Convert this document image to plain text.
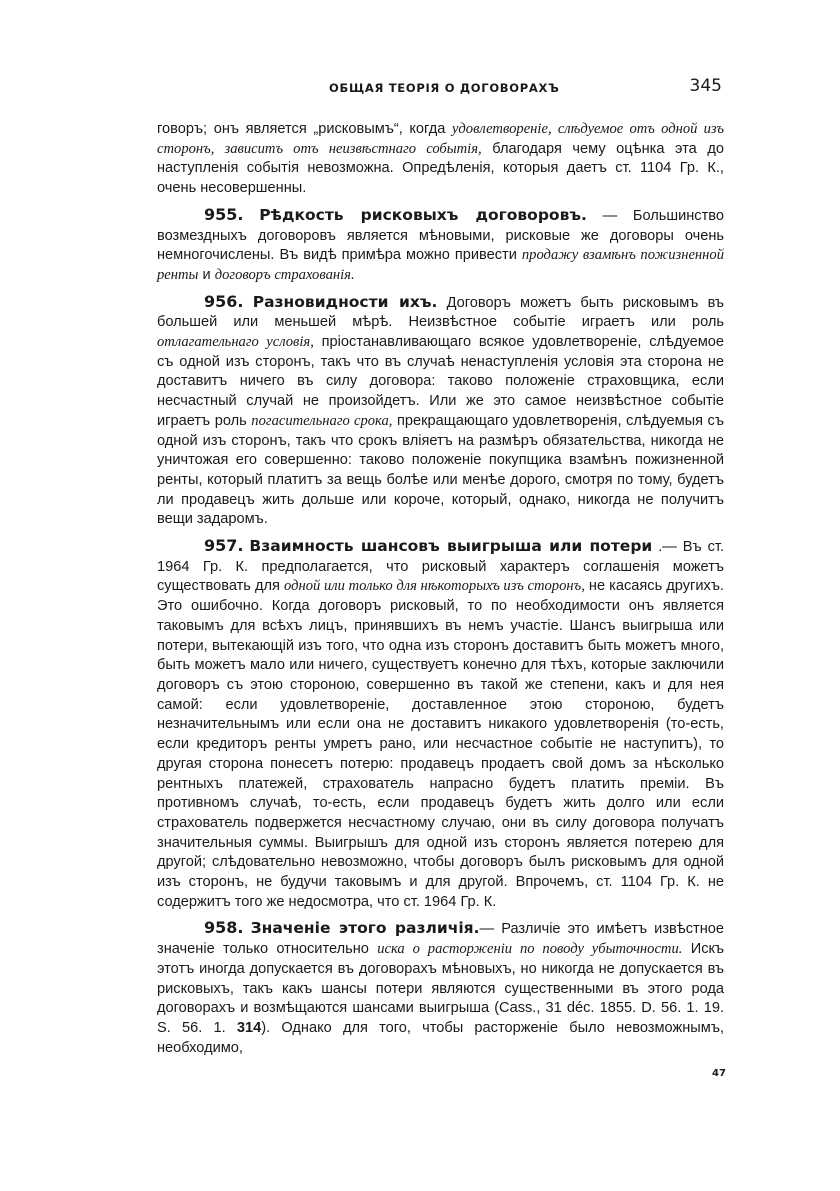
ОБЩАЯ ТЕОРІЯ О ДОГОВОРАХЪ	345

говоръ; онъ является „рисковымъ“, когда удовлетвореніе, слѣдуемое отъ одной изъ сторонъ, зависитъ отъ неизвѣстнаго событія, благодаря чему оцѣнка эта до наступленія событія невозможна. Опредѣленія, которыя даетъ ст. 1104 Гр. К., очень несовершенны.

955. Рѣдкость рисковыхъ договоровъ. — Большинство возмездныхъ договоровъ является мѣновыми, рисковые же договоры очень немногочислены. Въ видѣ примѣра можно привести продажу взамѣнъ пожизненной ренты и договоръ страхованія.

956. Разновидности ихъ. Договоръ можетъ быть рисковымъ въ большей или меньшей мѣрѣ. Неизвѣстное событіе играетъ или роль отлагательнаго условія, пріостанавливающаго всякое удовлетвореніе, слѣдуемое съ одной изъ сторонъ, такъ что въ случаѣ ненаступленія условія эта сторона не доставитъ ничего въ силу договора: таково положеніе страховщика, если несчастный случай не произойдетъ. Или же это самое неизвѣстное событіе играетъ роль погасительнаго срока, прекращающаго удовлетворенія, слѣдуемыя съ одной изъ сторонъ, такъ что срокъ вліяетъ на размѣръ обязательства, никогда не уничтожая его совершенно: таково положеніе покупщика взамѣнъ пожизненной ренты, который платитъ за вещь болѣе или менѣе дорого, смотря по тому, будетъ ли продавецъ жить дольше или короче, который, однако, никогда не получитъ вещи задаромъ.

957. Взаимность шансовъ выигрыша или потери .— Въ ст. 1964 Гр. К. предполагается, что рисковый характеръ соглашенія можетъ существовать для одной или только для нѣкоторыхъ изъ сторонъ, не касаясь другихъ. Это ошибочно. Когда договоръ рисковый, то по необходимости онъ является таковымъ для всѣхъ лицъ, принявшихъ въ немъ участіе. Шансъ выигрыша или потери, вытекающій изъ того, что одна изъ сторонъ доставитъ быть можетъ много, быть можетъ мало или ничего, существуетъ конечно для тѣхъ, которые заключили договоръ съ этою стороною, совершенно въ такой же степени, какъ и для нея самой: если удовлетвореніе, доставленное этою стороною, будетъ незначительнымъ или если она не доставитъ никакого удовлетворенія (то-есть, если кредиторъ ренты умретъ рано, или несчастное событіе не наступитъ), то другая сторона понесетъ потерю: продавецъ продаетъ свой домъ за нѣсколько рентныхъ платежей, страхователь напрасно будетъ платить преміи. Въ противномъ случаѣ, то-есть, если продавецъ будетъ жить долго или если страхователь подвержется несчастному случаю, они въ силу договора получатъ значительныя суммы. Выигрышъ для одной изъ сторонъ является потерею для другой; слѣдовательно невозможно, чтобы договоръ былъ рисковымъ для одной изъ сторонъ, не будучи таковымъ и для другой. Впрочемъ, ст. 1104 Гр. К. не содержитъ того же недосмотра, что ст. 1964 Гр. К.

958. Значеніе этого различія.— Различіе это имѣетъ извѣстное значеніе только относительно иска о расторженіи по поводу убыточности. Искъ этотъ иногда допускается въ договорахъ мѣновыхъ, но никогда не допускается въ рисковыхъ, такъ какъ шансы потери являются существенными въ этого рода договорахъ и возмѣщаются шансами выигрыша (Cass., 31 déc. 1855. D. 56. 1. 19. S. 56. 1. 314). Однако для того, чтобы расторженіе было невозможнымъ, необходимо,

47
